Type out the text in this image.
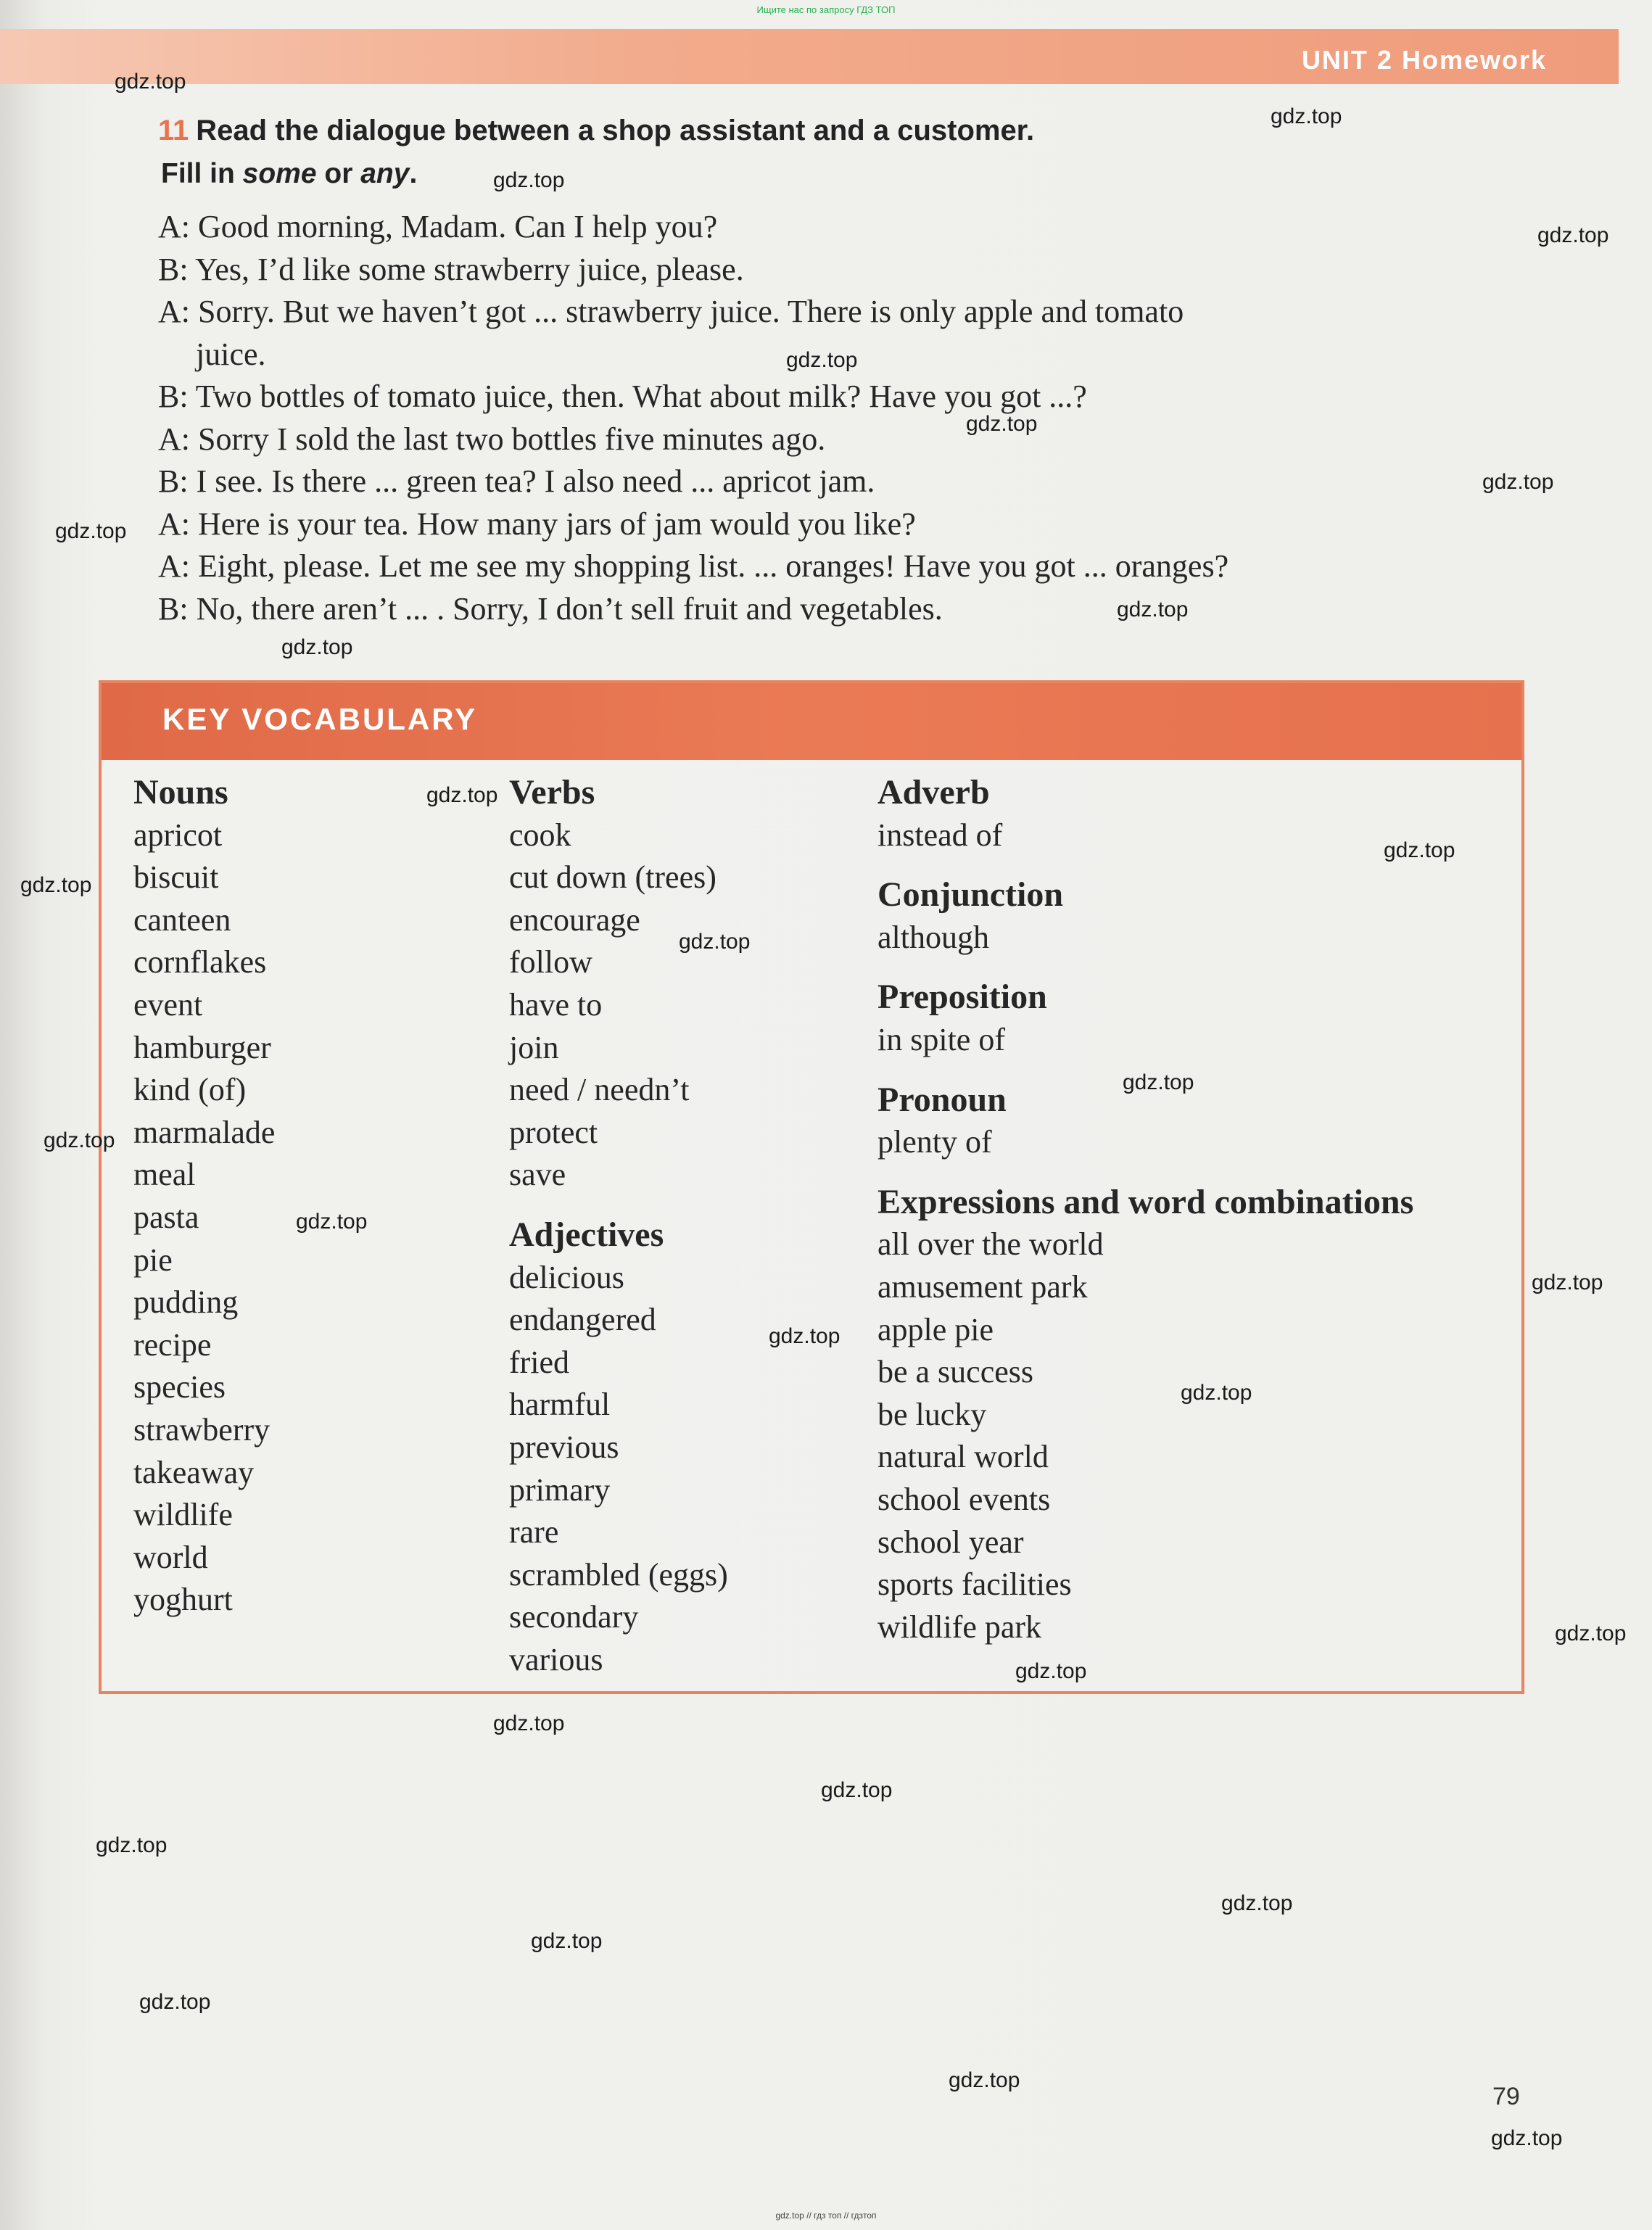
Ищите нас по запросу ГДЗ ТОП
UNIT 2 Homework
11 Read the dialogue between a shop assistant and a customer.
Fill in some or any.
A: Good morning, Madam. Can I help you?
B: Yes, I’d like some strawberry juice, please.
A: Sorry. But we haven’t got ... strawberry juice. There is only apple and tomato
juice.
B: Two bottles of tomato juice, then. What about milk? Have you got ...?
A: Sorry I sold the last two bottles five minutes ago.
B: I see. Is there ... green tea? I also need ... apricot jam.
A: Here is your tea. How many jars of jam would you like?
A: Eight, please. Let me see my shopping list. ... oranges! Have you got ... oranges?
B: No, there aren’t ... . Sorry, I don’t sell fruit and vegetables.
KEY VOCABULARY
Nouns
apricot
biscuit
canteen
cornflakes
event
hamburger
kind (of)
marmalade
meal
pasta
pie
pudding
recipe
species
strawberry
takeaway
wildlife
world
yoghurt
Verbs
cook
cut down (trees)
encourage
follow
have to
join
need / needn’t
protect
save
Adjectives
delicious
endangered
fried
harmful
previous
primary
rare
scrambled (eggs)
secondary
various
Adverb
instead of
Conjunction
although
Preposition
in spite of
Pronoun
plenty of
Expressions and word combinations
all over the world
amusement park
apple pie
be a success
be lucky
natural world
school events
school year
sports facilities
wildlife park
79
gdz.top
gdz.top
gdz.top
gdz.top
gdz.top
gdz.top
gdz.top
gdz.top
gdz.top
gdz.top
gdz.top
gdz.top
gdz.top
gdz.top
gdz.top
gdz.top
gdz.top
gdz.top
gdz.top
gdz.top
gdz.top
gdz.top
gdz.top
gdz.top
gdz.top
gdz.top
gdz.top
gdz.top
gdz.top
gdz.top
gdz.top // гдз топ // гдзтоп
